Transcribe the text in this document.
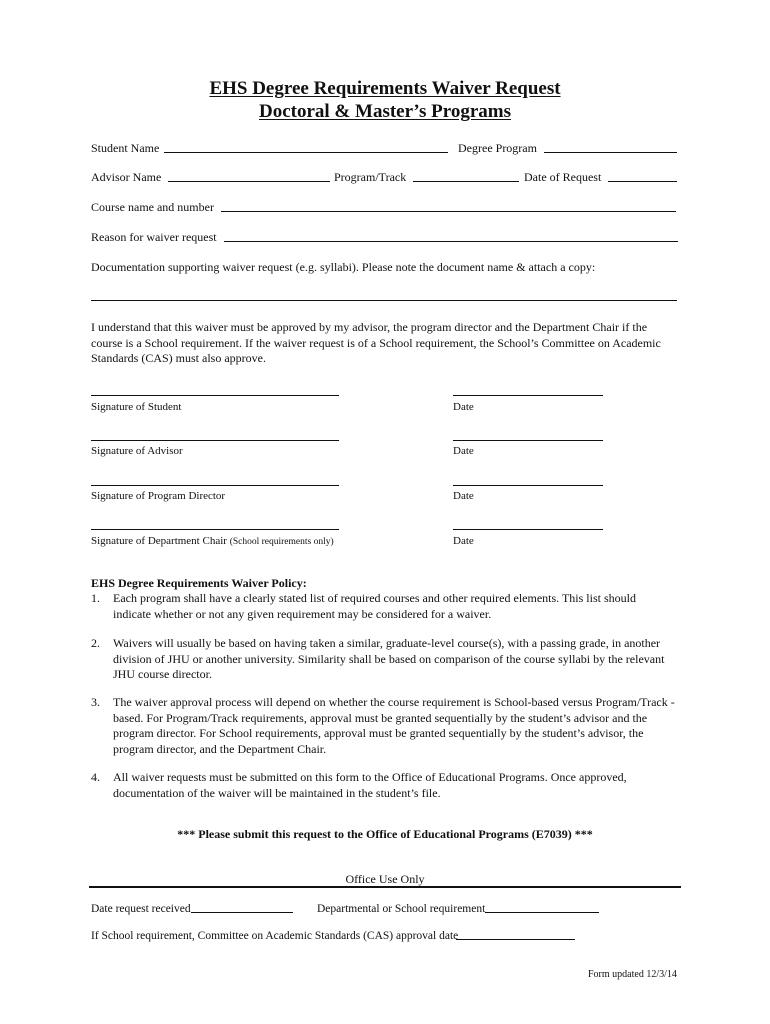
EHS Degree Requirements Waiver Request
Doctoral & Master’s Programs
Student Name	Degree Program
Advisor Name	Program/Track	Date of Request
Course name and number
Reason for waiver request
Documentation supporting waiver request (e.g. syllabi). Please note the document name & attach a copy:
I understand that this waiver must be approved by my advisor, the program director and the Department Chair if the course is a School requirement. If the waiver request is of a School requirement, the School’s Committee on Academic Standards (CAS) must also approve.
Signature of Student	Date
Signature of Advisor	Date
Signature of Program Director	Date
Signature of Department Chair (School requirements only)	Date
EHS Degree Requirements Waiver Policy:
1. Each program shall have a clearly stated list of required courses and other required elements. This list should indicate whether or not any given requirement may be considered for a waiver.
2. Waivers will usually be based on having taken a similar, graduate-level course(s), with a passing grade, in another division of JHU or another university. Similarity shall be based on comparison of the course syllabi by the relevant JHU course director.
3. The waiver approval process will depend on whether the course requirement is School-based versus Program/Track -based. For Program/Track requirements, approval must be granted sequentially by the student’s advisor and the program director. For School requirements, approval must be granted sequentially by the student’s advisor, the program director, and the Department Chair.
4. All waiver requests must be submitted on this form to the Office of Educational Programs. Once approved, documentation of the waiver will be maintained in the student’s file.
*** Please submit this request to the Office of Educational Programs (E7039) ***
Office Use Only
Date request received	Departmental or School requirement
If School requirement, Committee on Academic Standards (CAS) approval date
Form updated 12/3/14
